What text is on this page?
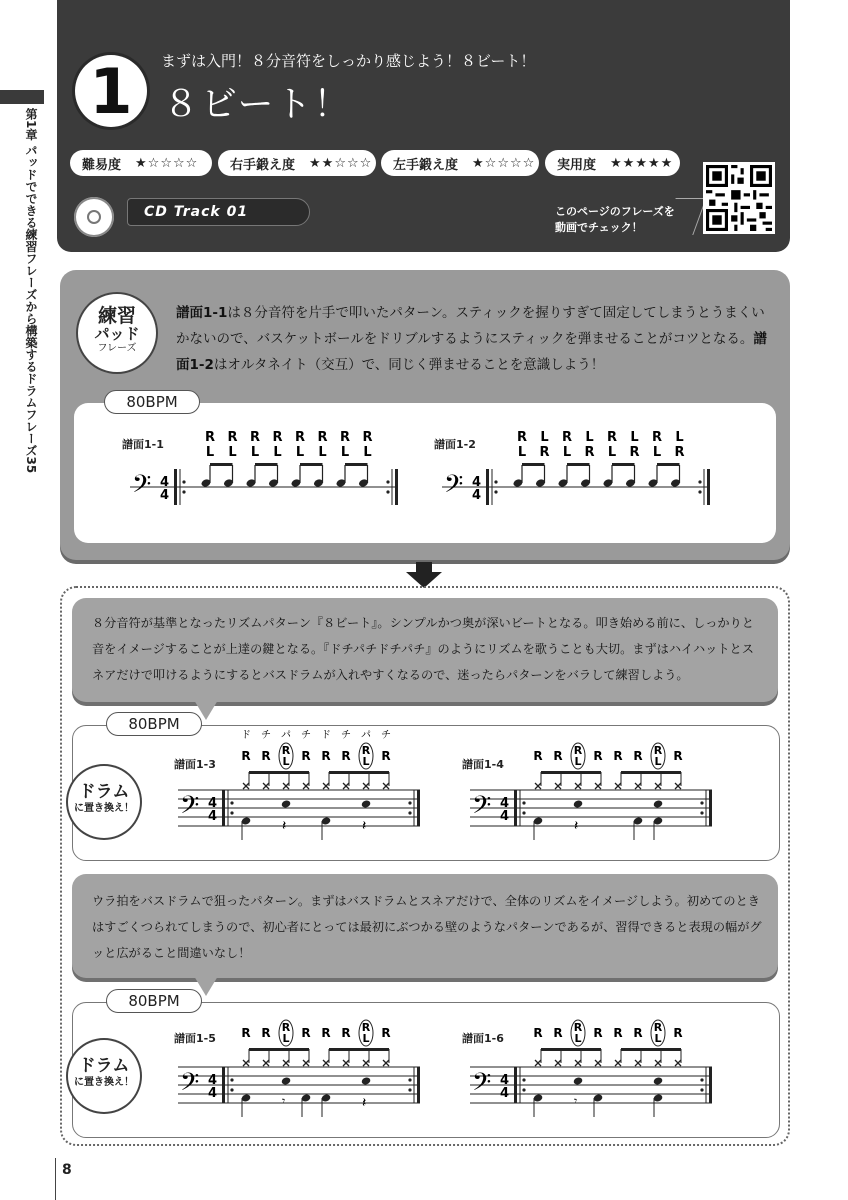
第1章 パッドでできる練習フレーズから構築するドラムフレーズ35
1	まずは入門！８分音符をしっかり感じよう！８ビート！
８ビート！
難易度 ★☆☆☆☆ 右手鍛え度 ★★☆☆☆ 左手鍛え度 ★☆☆☆☆ 実用度 ★★★★★
CD Track 01	このページのフレーズを
動画でチェック！
練習
パッド
フレーズ
譜面1-1は８分音符を片手で叩いたパターン。スティックを握りすぎて固定してしまうとうまくいかないので、バスケットボールをドリブルするようにスティックを弾ませることがコツとなる。譜面1-2はオルタネイト（交互）で、同じく弾ませることを意識しよう！
80BPM
譜面1-1	譜面1-2
𝄢 4
4
R
L
R
L
R
L
R
L
R
L
R
L
R
L
R
L
𝄢 4
4
R
L
L
R
R
L
L
R
R
L
L
R
R
L
L
R
８分音符が基準となったリズムパターン『８ビート』。シンプルかつ奥が深いビートとなる。叩き始める前に、しっかりと音をイメージすることが上達の鍵となる。『ドチパチドチパチ』のようにリズムを歌うことも大切。まずはハイハットとスネアだけで叩けるようにするとバスドラムが入れやすくなるので、迷ったらパターンをバラして練習しよう。
80BPM
ドラム
に置き換え！
譜面1-3	譜面1-4
ウラ拍をバスドラムで狙ったパターン。まずはバスドラムとスネアだけで、全体のリズムをイメージしよう。初めてのときはすごくつられてしまうので、初心者にとっては最初にぶつかる壁のようなパターンであるが、習得できると表現の幅がグッと広がること間違いなし！
80BPM
ドラム
に置き換え！
譜面1-5	譜面1-6
𝄢 4
4
R
ド
R
チ
R
L
パ
R
チ
R
ド
R
チ
R
L
パ
R
チ
𝄽	𝄽	𝄢 4
4
R R R
L R R R R
L R
𝄽
𝄢 4
4
R R R
L R R R R
L R
𝄾	𝄽	𝄢 4
4
R R R
L R R R R
L R
𝄾
8
